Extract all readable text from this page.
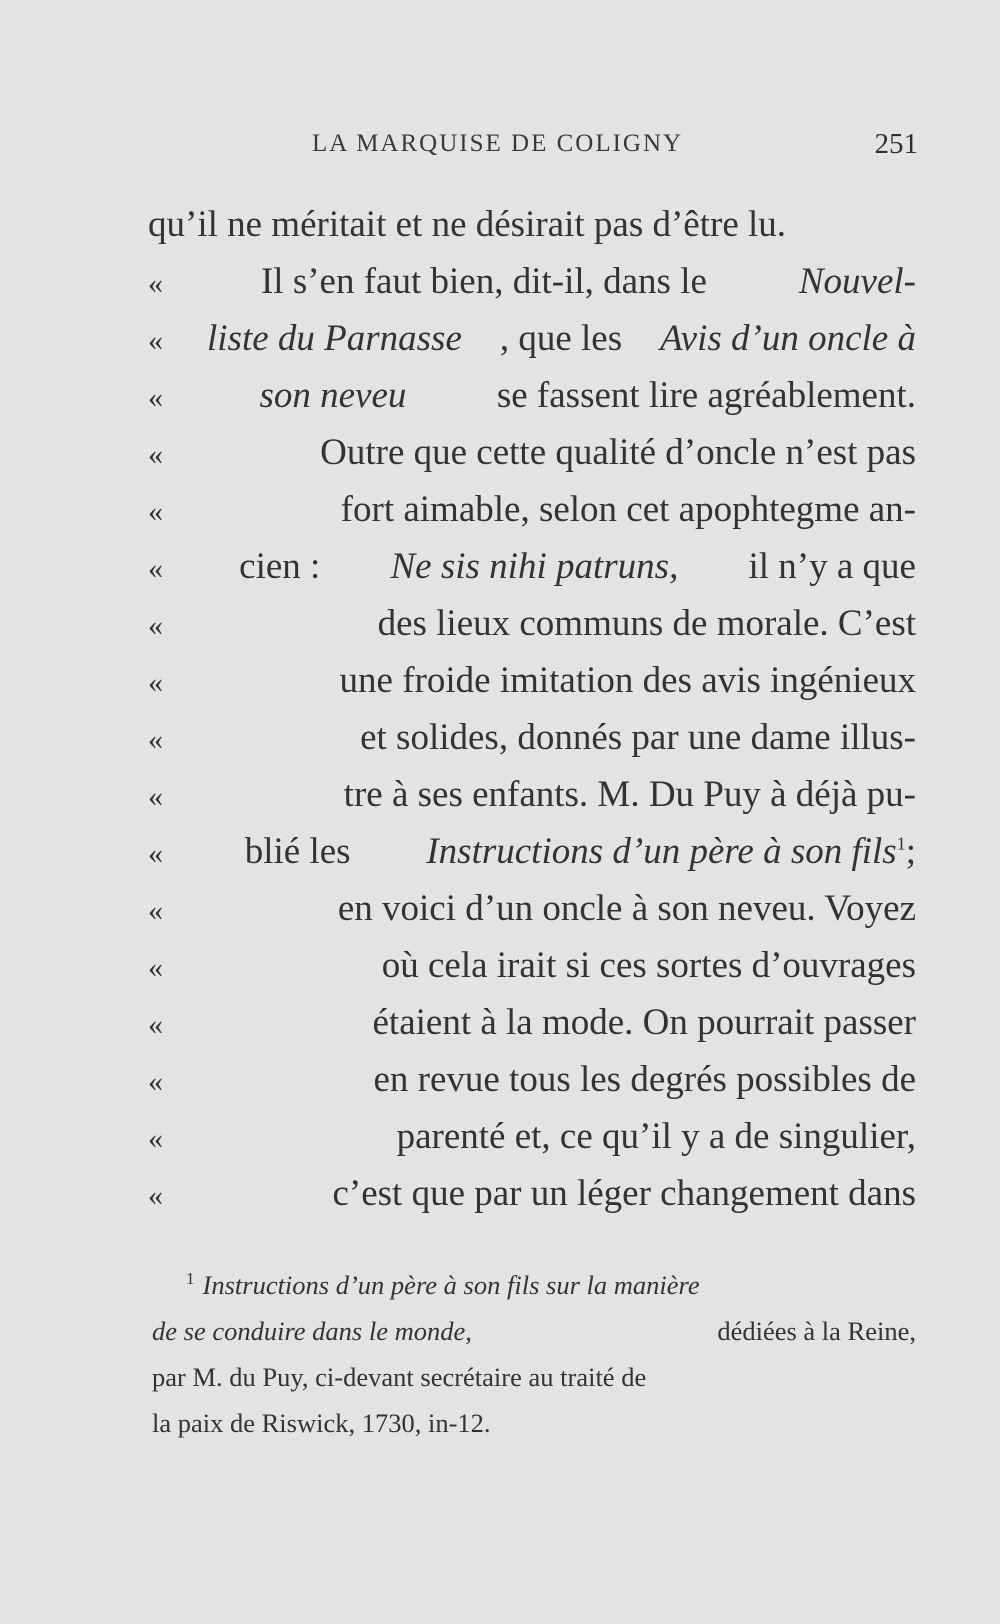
LA MARQUISE DE COLIGNY	251
qu’il ne méritait et ne désirait pas d’être lu.
«	Il s’en faut bien, dit-il, dans le Nouvel-
« liste du Parnasse , que les Avis d’un oncle à
«	son neveu se fassent lire agréablement.
«	Outre que cette qualité d’oncle n’est pas
«	fort aimable, selon cet apophtegme an-
« cien : Ne sis nihi patruns, il n’y a que
«	des lieux communs de morale. C’est
«	une froide imitation des avis ingénieux
«	et solides, donnés par une dame illus-
«	tre à ses enfants. M. Du Puy à déjà pu-
« blié les Instructions d’un père à son fils$^1$;
«	en voici d’un oncle à son neveu. Voyez
«	où cela irait si ces sortes d’ouvrages
«	étaient à la mode. On pourrait passer
«	en revue tous les degrés possibles de
«	parenté et, ce qu’il y a de singulier,
«	c’est que par un léger changement dans
$^1$ Instructions d’un père à son fils sur la manière
de se conduire dans le monde,	dédiées à la Reine,
par M. du Puy, ci-devant secrétaire au traité de
la paix de Riswick, 1730, in-12.
